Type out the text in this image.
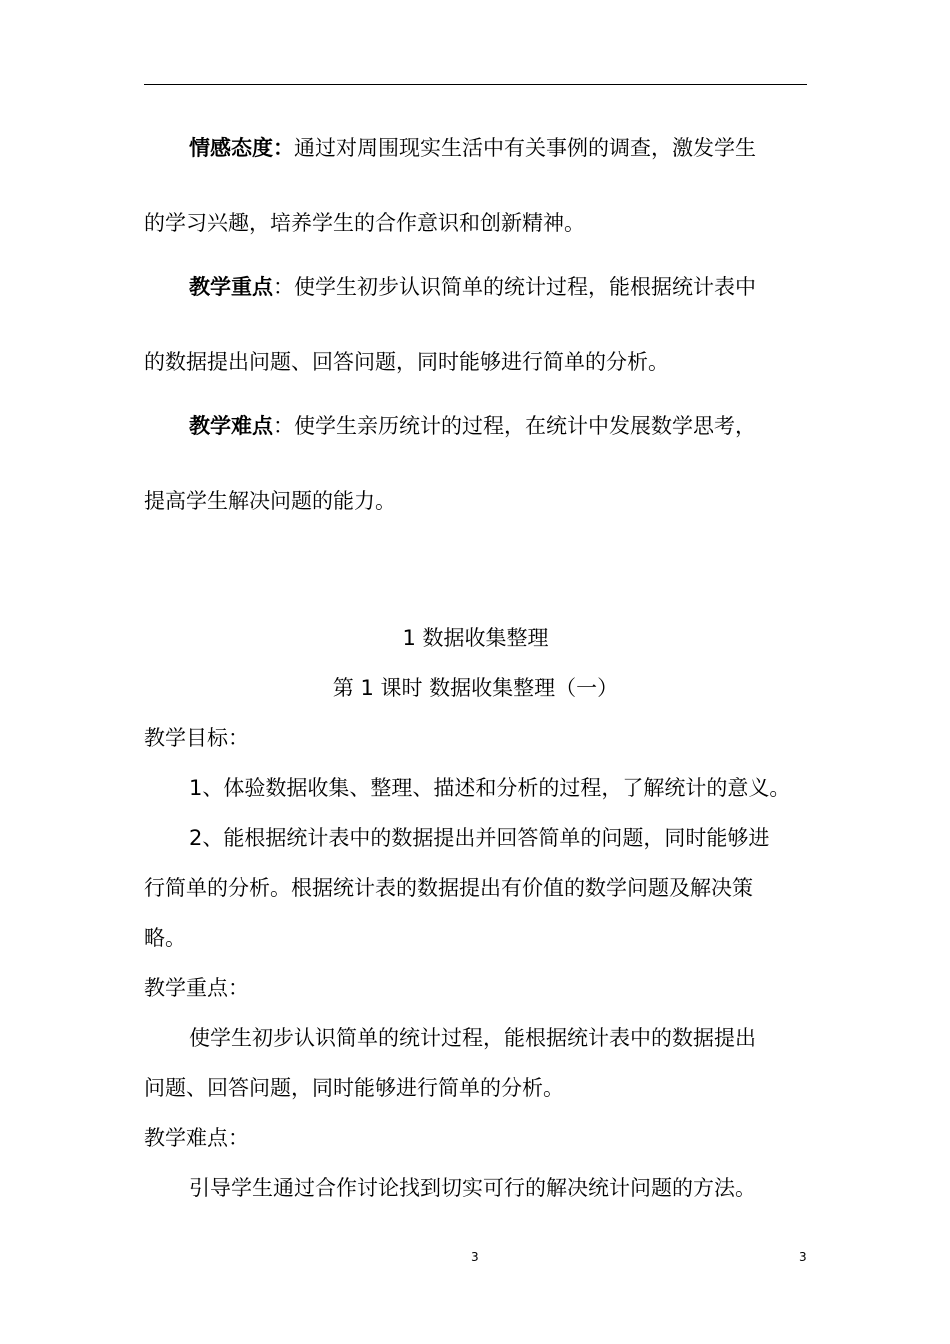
情感态度：通过对周围现实生活中有关事例的调查，激发学生
的学习兴趣，培养学生的合作意识和创新精神。
教学重点：使学生初步认识简单的统计过程，能根据统计表中
的数据提出问题、回答问题，同时能够进行简单的分析。
教学难点：使学生亲历统计的过程，在统计中发展数学思考，
提高学生解决问题的能力。
1 数据收集整理
第 1 课时 数据收集整理（一）
教学目标：
1、体验数据收集、整理、描述和分析的过程，了解统计的意义。
2、能根据统计表中的数据提出并回答简单的问题，同时能够进
行简单的分析。根据统计表的数据提出有价值的数学问题及解决策
略。
教学重点：
使学生初步认识简单的统计过程，能根据统计表中的数据提出
问题、回答问题，同时能够进行简单的分析。
教学难点：
引导学生通过合作讨论找到切实可行的解决统计问题的方法。
3	3
